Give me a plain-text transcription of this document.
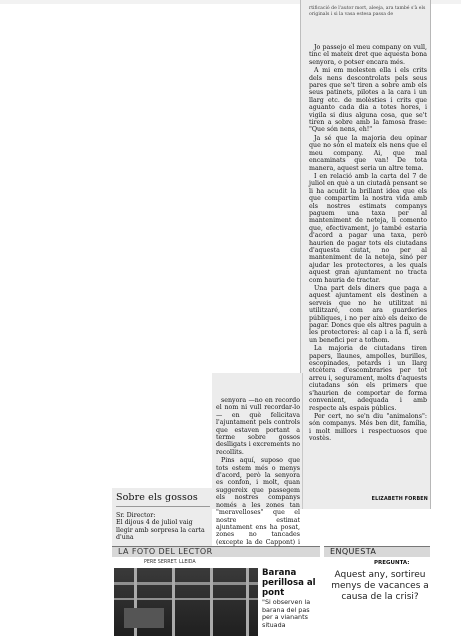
rtificació de l'autor mort, aleeja, ara també s'à els originals i si la vasa estesa passa de

Jo passejo el meu company on vull, tinc el mateix dret que aquesta bona senyora, o potser encara més.

A mi em molesten ella i els crits dels nens descontrolats pels seus pares que se't tiren a sobre amb els seus patinets, pilotes a la cara i un llarg etc. de molèsties i crits que aguanto cada dia a totes hores, i vigila si dius alguna cosa, que se't tiren a sobre amb la famosa frase: "Que són nens, eh!"

Ja sé que la majoria deu opinar que no són el mateix els nens que el meu company. Ai, que mal encaminats que van! De tota manera, aquest seria un altre tema.

I en relació amb la carta del 7 de juliol en què a un ciutadà pensant se li ha acudit la brillant idea que els que compartim la nostra vida amb els nostres estimats companys paguem una taxa per al manteniment de neteja, li comento que, efectivament, jo també estaria d'acord a pagar una taxa, però haurien de pagar tots els ciutadans d'aquesta ciutat, no per al manteniment de la neteja, sinó per ajudar les protectores, a les quals aquest gran ajuntament no tracta com hauria de tractar.

Una part dels diners que paga a aquest ajuntament els destinen a serveis que no he utilitzat ni utilitzaré, com ara guarderies públiques, i no per això els deixo de pagar. Doncs que els altres paguin a les protectores: al cap i a la fi, serà un benefici per a tothom.

La majoria de ciutadans tiren papers, llaunes, ampolles, burilles, escopinades, petards i un llarg etcètera d'escombraries per tot arreu i, segurament, molts d'aquests ciutadans són els primers que s'haurien de comportar de forma convenient, adequada i amb respecte als espais públics.

Per cert, no se'n diu "animalons": són companys. Més ben dit, família, i molt millors i respectuosos que vostès.

ELIZABETH FORBEN

senyora —no en recordo el nom ni vull recordar-lo— en què felicitava l'ajuntament pels controls que estaven portant a terme sobre gossos deslligats i excrements no recollits.

Pins aquí, suposo que tots estem més o menys d'acord, però la senyora es confon, i molt, quan suggereix que passegem els nostres companys només a les zones tan "meravelloses" que el nostre estimat ajuntament ens ha posat, zones no tancades (excepte la de Cappont) i

Sobre els gossos

Sr. Director:

El dijous 4 de juliol vaig llegir amb sorpresa la carta d'una

LA FOTO DEL LECTOR
PERE SERRET. LLEIDA
Barana perillosa al pont
"Si observen la barana del pas per a vianants situada
ENQUESTA
PREGUNTA:
Aquest any, sortireu menys de vacances a causa de la crisi?
